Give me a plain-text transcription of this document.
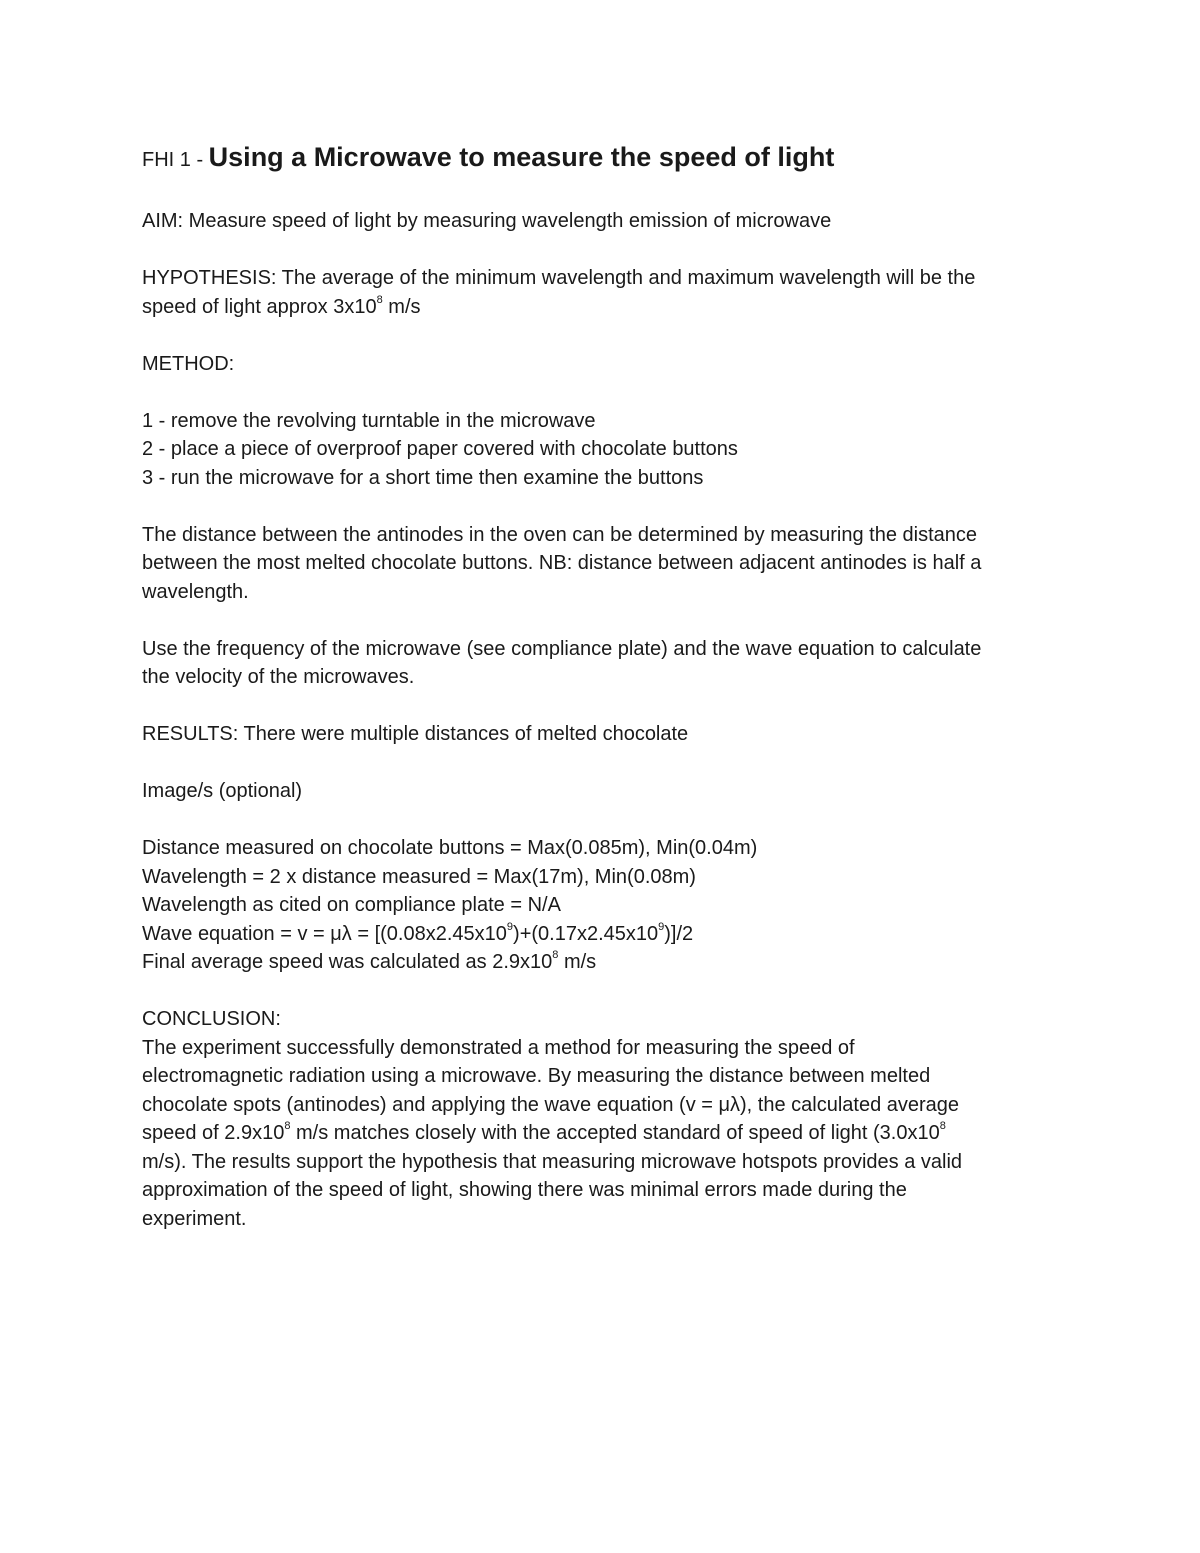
FHI 1 - Using a Microwave to measure the speed of light
AIM: Measure speed of light by measuring wavelength emission of microwave
HYPOTHESIS: The average of the minimum wavelength and maximum wavelength will be the
speed of light approx $3x10^8$ m/s
METHOD:
1 - remove the revolving turntable in the microwave
2 - place a piece of overproof paper covered with chocolate buttons
3 - run the microwave for a short time then examine the buttons
The distance between the antinodes in the oven can be determined by measuring the distance
between the most melted chocolate buttons. NB: distance between adjacent antinodes is half a
wavelength.
Use the frequency of the microwave (see compliance plate) and the wave equation to calculate
the velocity of the microwaves.
RESULTS: There were multiple distances of melted chocolate
Image/s (optional)
Distance measured on chocolate buttons = Max(0.085m), Min(0.04m)
Wavelength = 2 x distance measured = Max(17m), Min(0.08m)
Wavelength as cited on compliance plate = N/A
Wave equation = $v = \mu\lambda = [(0.08x2.45x10^9)+(0.17x2.45x10^9)]/2$
Final average speed was calculated as $2.9x10^8$ m/s
CONCLUSION:
The experiment successfully demonstrated a method for measuring the speed of
electromagnetic radiation using a microwave. By measuring the distance between melted
chocolate spots (antinodes) and applying the wave equation (v = μλ), the calculated average
speed of $2.9x10^8$ m/s matches closely with the accepted standard of speed of light ($3.0x10^8$
m/s). The results support the hypothesis that measuring microwave hotspots provides a valid
approximation of the speed of light, showing there was minimal errors made during the
experiment.
